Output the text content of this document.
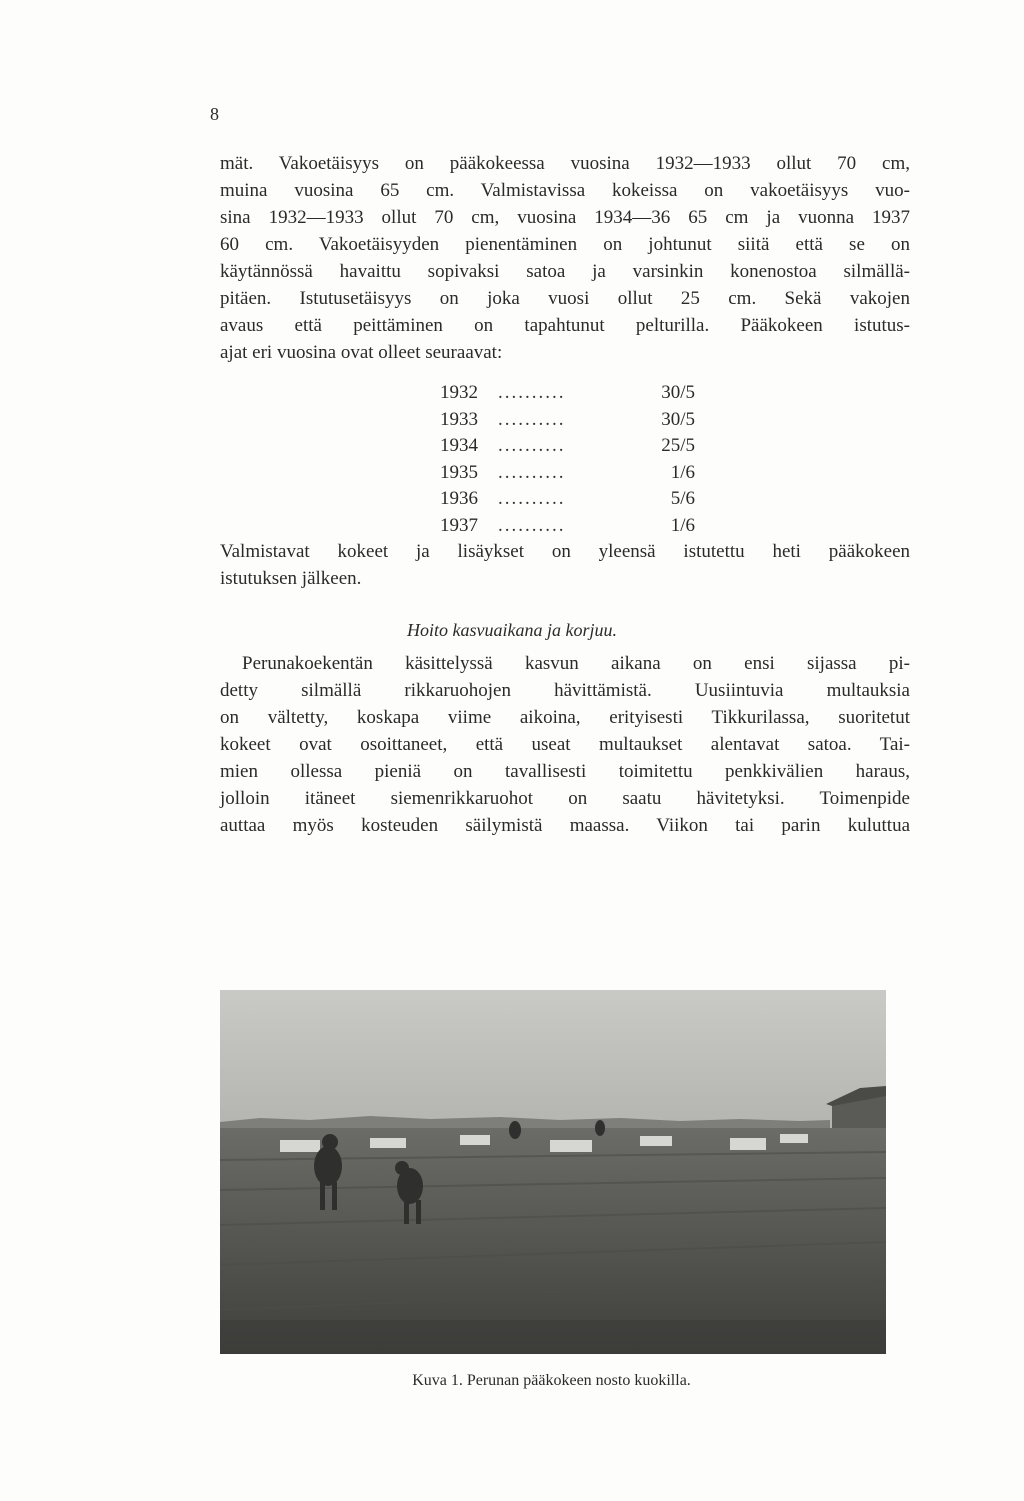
8

mät. Vakoetäisyys on pääkokeessa vuosina 1932—1933 ollut 70 cm,
muina vuosina 65 cm. Valmistavissa kokeissa on vakoetäisyys vuo-
sina 1932—1933 ollut 70 cm, vuosina 1934—36 65 cm ja vuonna 1937
60 cm. Vakoetäisyyden pienentäminen on johtunut siitä että se on
käytännössä havaittu sopivaksi satoa ja varsinkin konenostoa silmällä-
pitäen. Istutusetäisyys on joka vuosi ollut 25 cm. Sekä vakojen
avaus että peittäminen on tapahtunut pelturilla. Pääkokeen istutus-
ajat eri vuosina ovat olleet seuraavat:

1932	..........	30/5
1933	..........	30/5
1934	..........	25/5
1935	..........	1/6
1936	..........	5/6
1937	..........	1/6

Valmistavat kokeet ja lisäykset on yleensä istutettu heti pääkokeen
istutuksen jälkeen.

Hoito kasvuaikana ja korjuu.

Perunakoekentän käsittelyssä kasvun aikana on ensi sijassa pi-
detty silmällä rikkaruohojen hävittämistä. Uusiintuvia multauksia
on vältetty, koskapa viime aikoina, erityisesti Tikkurilassa, suoritetut
kokeet ovat osoittaneet, että useat multaukset alentavat satoa. Tai-
mien ollessa pieniä on tavallisesti toimitettu penkkivälien haraus,
jolloin itäneet siemenrikkaruohot on saatu hävitetyksi. Toimenpide
auttaa myös kosteuden säilymistä maassa. Viikon tai parin kuluttua

Kuva 1. Perunan pääkokeen nosto kuokilla.
